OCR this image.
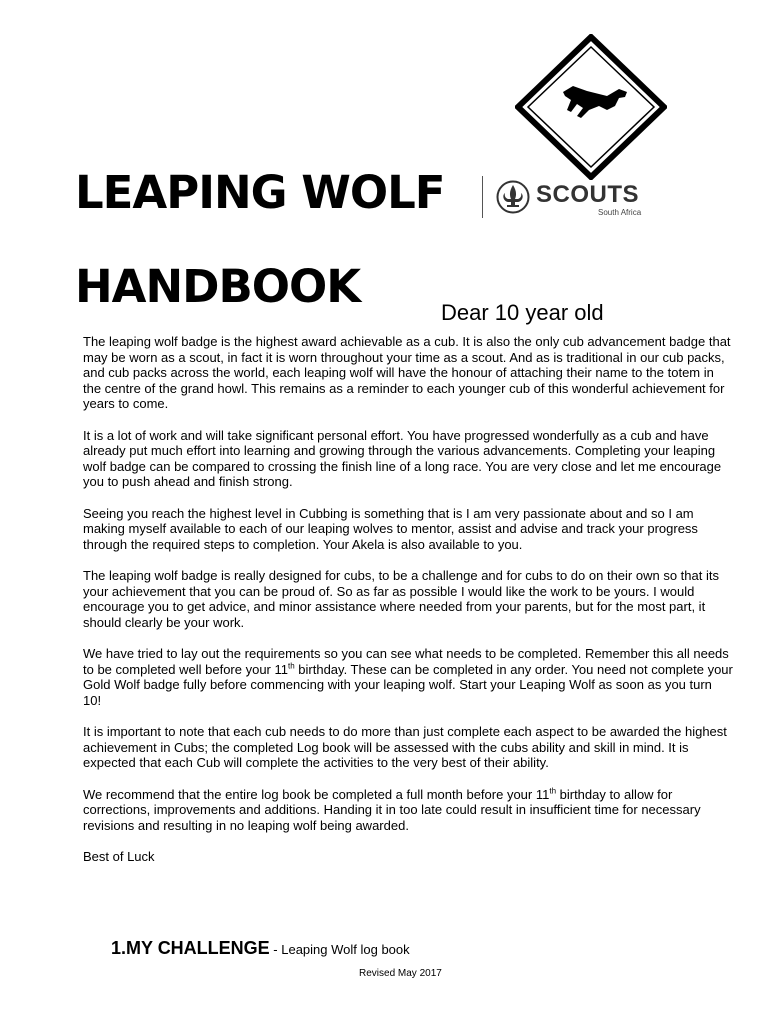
SCOUTS
South Africa
LEAPING WOLF
HANDBOOK	Dear 10 year old

The leaping wolf badge is the highest award achievable as a cub. It is also the only cub advancement badge that may be worn as a scout, in fact it is worn throughout your time as a scout. And as is traditional in our cub packs, and cub packs across the world, each leaping wolf will have the honour of attaching their name to the totem in the centre of the grand howl. This remains as a reminder to each younger cub of this wonderful achievement for years to come.

It is a lot of work and will take significant personal effort. You have progressed wonderfully as a cub and have already put much effort into learning and growing through the various advancements. Completing your leaping wolf badge can be compared to crossing the finish line of a long race. You are very close and let me encourage you to push ahead and finish strong.

Seeing you reach the highest level in Cubbing is something that is I am very passionate about and so I am making myself available to each of our leaping wolves to mentor, assist and advise and track your progress through the required steps to completion. Your Akela is also available to you.

The leaping wolf badge is really designed for cubs, to be a challenge and for cubs to do on their own so that its your achievement that you can be proud of. So as far as possible I would like the work to be yours. I would encourage you to get advice, and minor assistance where needed from your parents, but for the most part, it should clearly be your work.

We have tried to lay out the requirements so you can see what needs to be completed. Remember this all needs to be completed well before your 11th birthday. These can be completed in any order. You need not complete your Gold Wolf badge fully before commencing with your leaping wolf. Start your Leaping Wolf as soon as you turn 10!

It is important to note that each cub needs to do more than just complete each aspect to be awarded the highest achievement in Cubs; the completed Log book will be assessed with the cubs ability and skill in mind. It is expected that each Cub will complete the activities to the very best of their ability.

We recommend that the entire log book be completed a full month before your 11th birthday to allow for corrections, improvements and additions. Handing it in too late could result in insufficient time for necessary revisions and resulting in no leaping wolf being awarded.

Best of Luck

1.MY CHALLENGE - Leaping Wolf log book
Revised May 2017
